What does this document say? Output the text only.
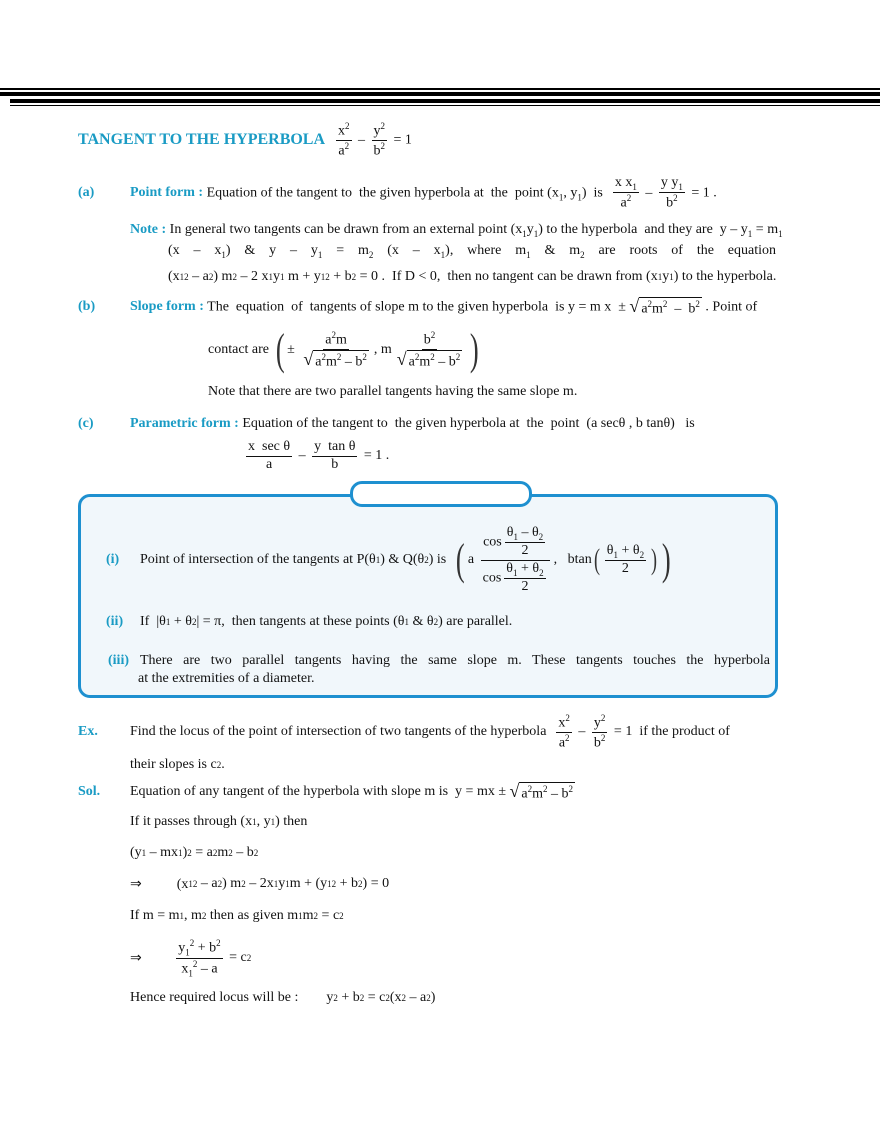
TANGENT TO THE HYPERBOLA $\frac{x^2}{a^2} - \frac{y^2}{b^2} = 1$
(a)	Point form : Equation of the tangent to  the given hyperbola at  the  point ($x_1$, $y_1$)  is $\frac{x x_1}{a^2} - \frac{y y_1}{b^2} = 1$ .
Note : In general two tangents can be drawn from an external point $(x_1y_1)$ to the hyperbola  and they are  $y - y_1 = m_1$
$(x - x_1)$  &  $y - y_1 = m_2$  $(x - x_1)$,  where  $m_1$  &  $m_2$  are  roots  of  the  equation
(x 1 2 – a 2 ) m 2 – 2 x 1 y 1 m + y 1 2 + b 2 = 0 .  If D < 0,  then no tangent can be drawn from (x 1 y 1 ) to the hyperbola.
(b) Slope form : The  equation  of  tangents of slope m to the given hyperbola  is y = m x  ± √ $a^2m^2 - b^2$ . Point of
contact are ( ± $\frac{a^2m}{√ a^2m^2 - b^2}$ , m $\frac{b^2}{√ a^2m^2 - b^2}$ )
Note that there are two parallel tangents having the same slope m.
(c)	Parametric form : Equation of the tangent to  the given hyperbola at  the  point  (a secθ , b tanθ)   is
$\frac{\text{x  sec θ}}{a} - \frac{\text{y  tan θ}}{b} = 1$ .
(i) Point of intersection of the tangents at P(θ 1 ) & Q(θ 2 ) is ( a $\frac{\cos \frac{\theta_1 - \theta_2}{2}}{\cos \frac{\theta_1 + \theta_2}{2}}$ ,   btan ( $\frac{\theta_1 + \theta_2}{2}$ ) )
(ii) If  |θ 1 + θ 2 | = π,  then tangents at these points (θ 1 & θ 2 ) are parallel.
(iii) There are two parallel tangents having the same slope m. These tangents touches the hyperbola
at the extremities of a diameter.
Ex. Find the locus of the point of intersection of two tangents of the hyperbola $\frac{x^2}{a^2} - \frac{y^2}{b^2} = 1$  if the product of
their slopes is c 2 .
Sol. Equation of any tangent of the hyperbola with slope m is  y = mx ± √ $a^2m^2 - b^2$
If it passes through (x 1 , y 1 ) then
(y 1 – mx 1 ) 2 = a 2 m 2 – b 2
⇒          (x 1 2 – a 2 ) m 2 – 2x 1 y 1 m + (y 1 2 + b 2 ) = 0
If m = m 1 , m 2 then as given m 1 m 2 = c 2
⇒ $\frac{y_1^2 + b^2}{x_1^2 - a} = c$ 2
Hence required locus will be :        y 2 + b 2 = c 2 (x 2 – a 2 )
